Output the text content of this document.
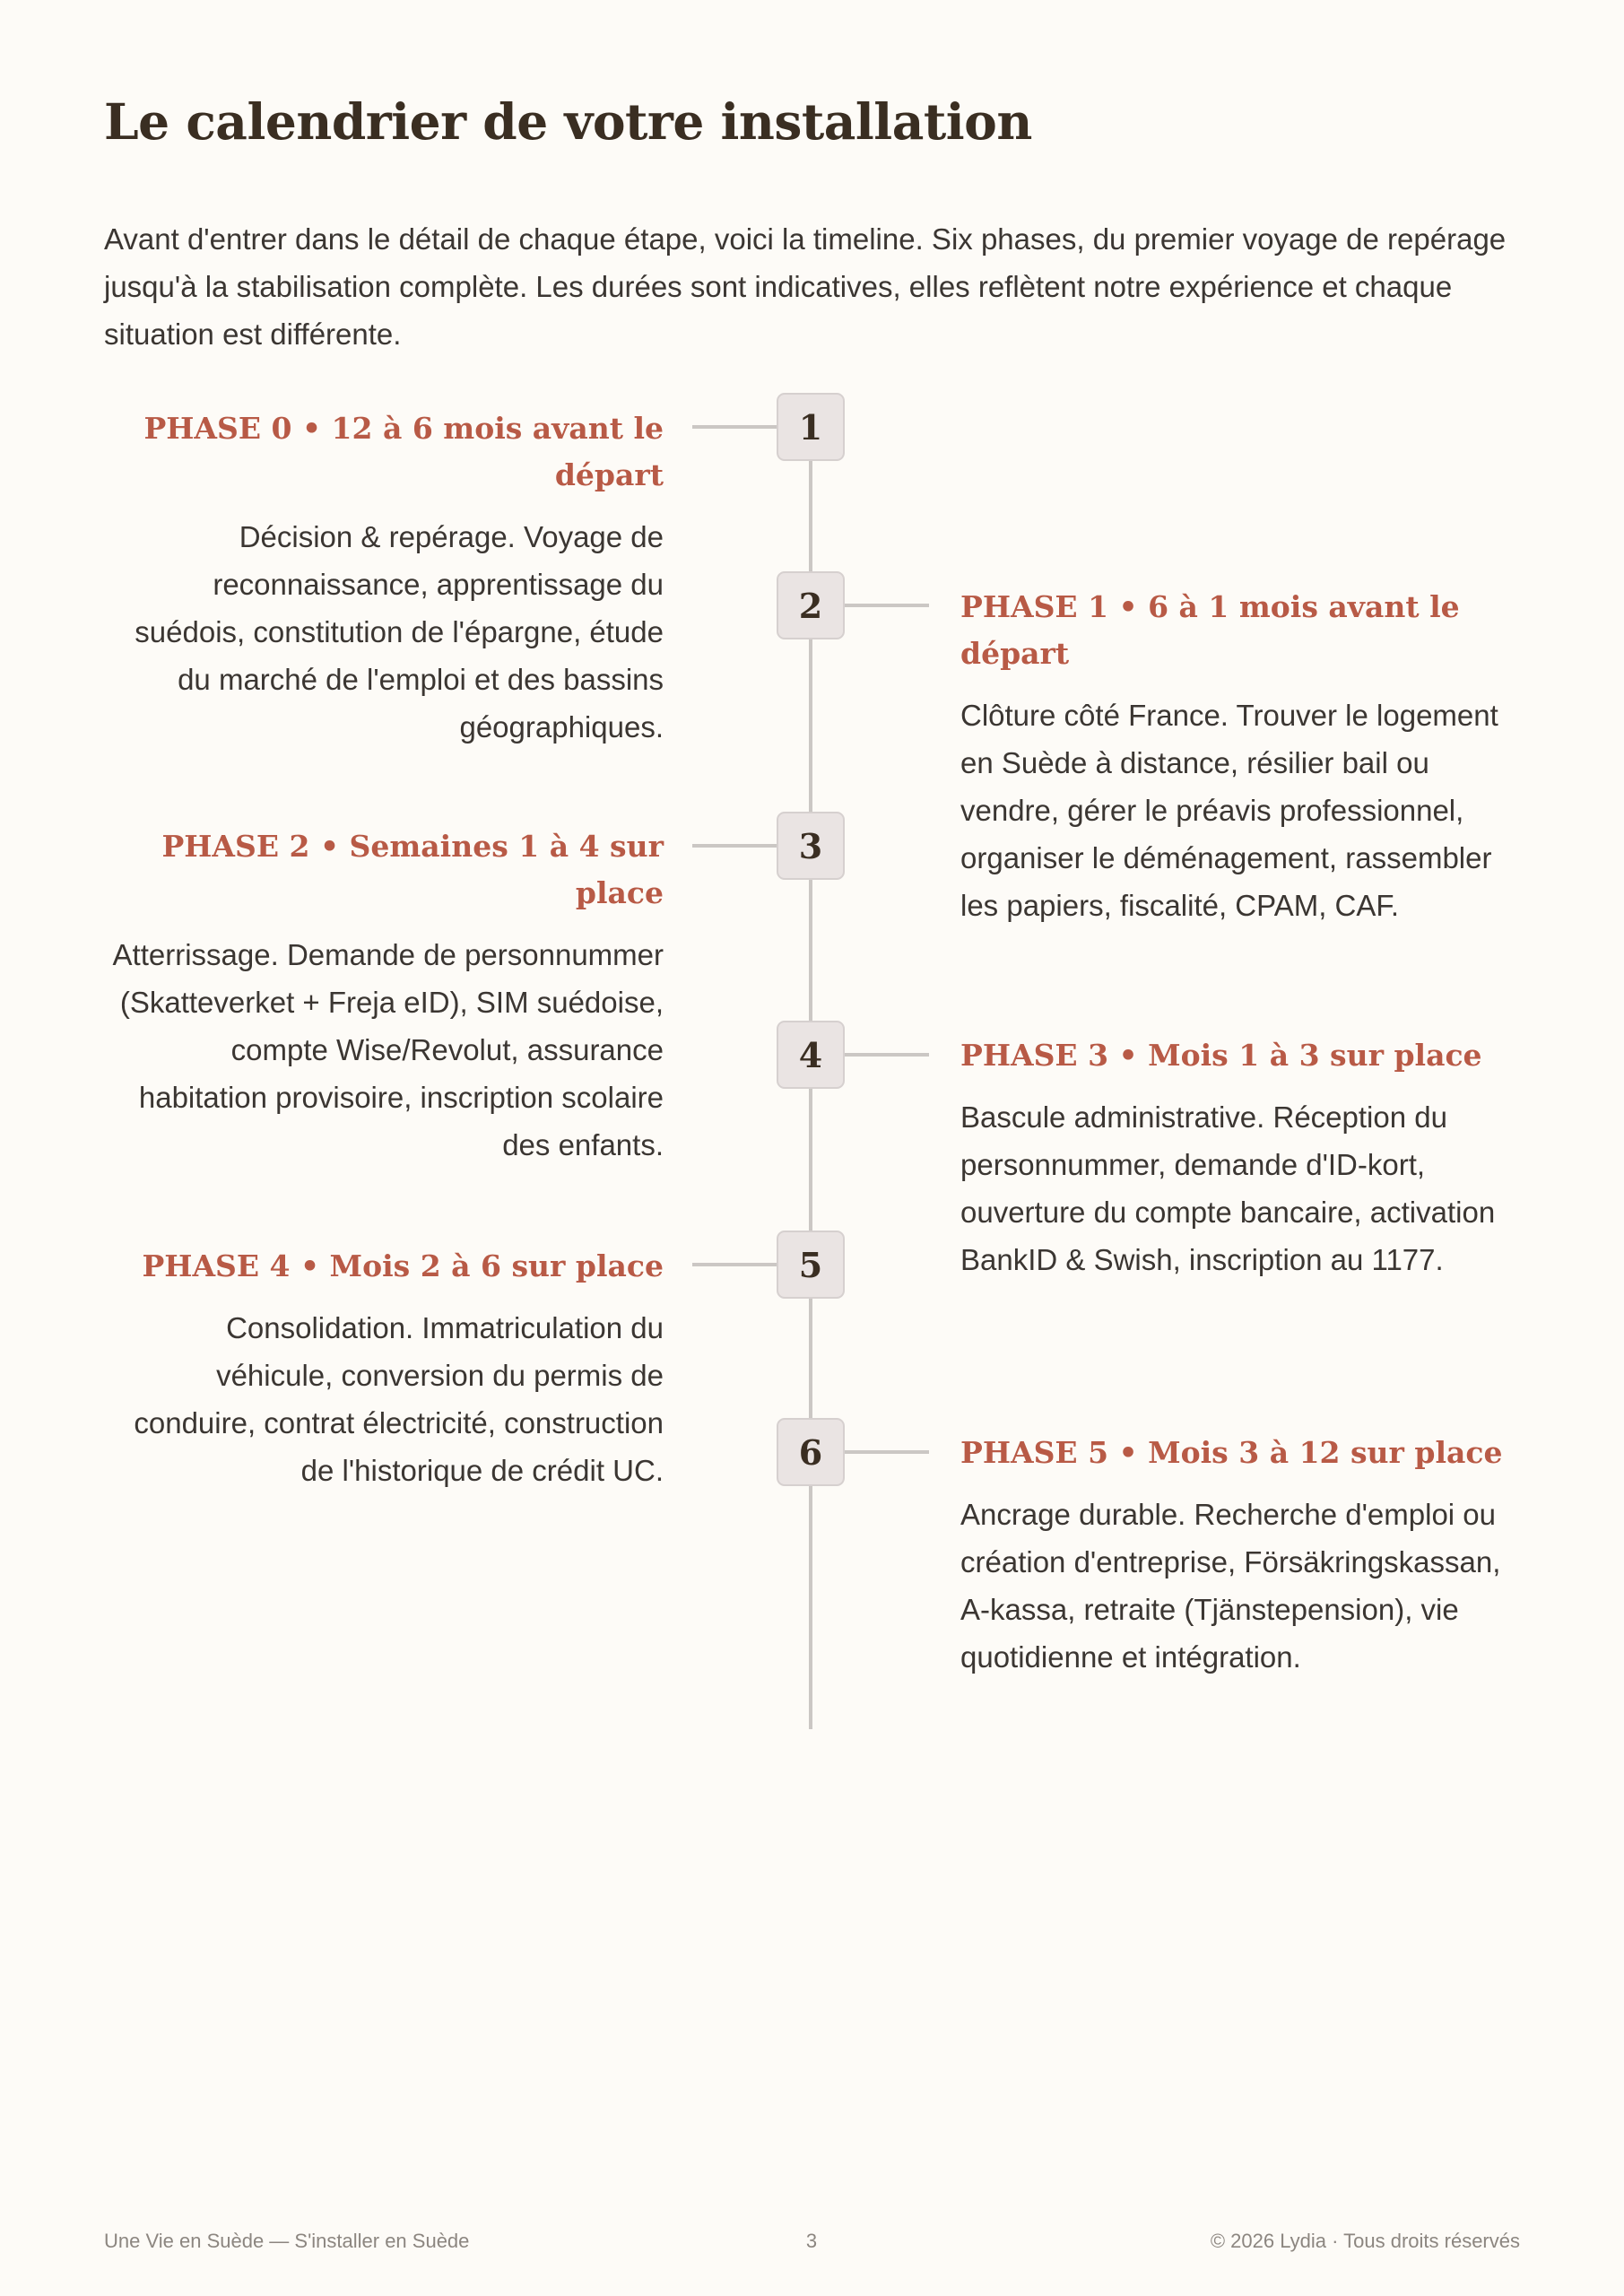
Le calendrier de votre installation

Avant d'entrer dans le détail de chaque étape, voici la timeline. Six phases, du premier voyage de repérage jusqu'à la stabilisation complète. Les durées sont indicatives, elles reflètent notre expérience et chaque situation est différente.

1
PHASE 0 • 12 à 6 mois avant le départ
Décision & repérage. Voyage de reconnaissance, apprentissage du suédois, constitution de l'épargne, étude du marché de l'emploi et des bassins géographiques.
2	PHASE 1 • 6 à 1 mois avant le départ
Clôture côté France. Trouver le logement en Suède à distance, résilier bail ou vendre, gérer le préavis professionnel, organiser le déménagement, rassembler les papiers, fiscalité, CPAM, CAF.
3
PHASE 2 • Semaines 1 à 4 sur place
Atterrissage. Demande de personnummer (Skatteverket + Freja eID), SIM suédoise, compte Wise/Revolut, assurance habitation provisoire, inscription scolaire des enfants.
4	PHASE 3 • Mois 1 à 3 sur place
Bascule administrative. Réception du personnummer, demande d'ID-kort, ouverture du compte bancaire, activation BankID & Swish, inscription au 1177.
5
PHASE 4 • Mois 2 à 6 sur place
Consolidation. Immatriculation du véhicule, conversion du permis de conduire, contrat électricité, construction de l'historique de crédit UC.	6	PHASE 5 • Mois 3 à 12 sur place
Ancrage durable. Recherche d'emploi ou création d'entreprise, Försäkringskassan, A-kassa, retraite (Tjänstepension), vie quotidienne et intégration.
Une Vie en Suède — S'installer en Suède	3	© 2026 Lydia · Tous droits réservés
